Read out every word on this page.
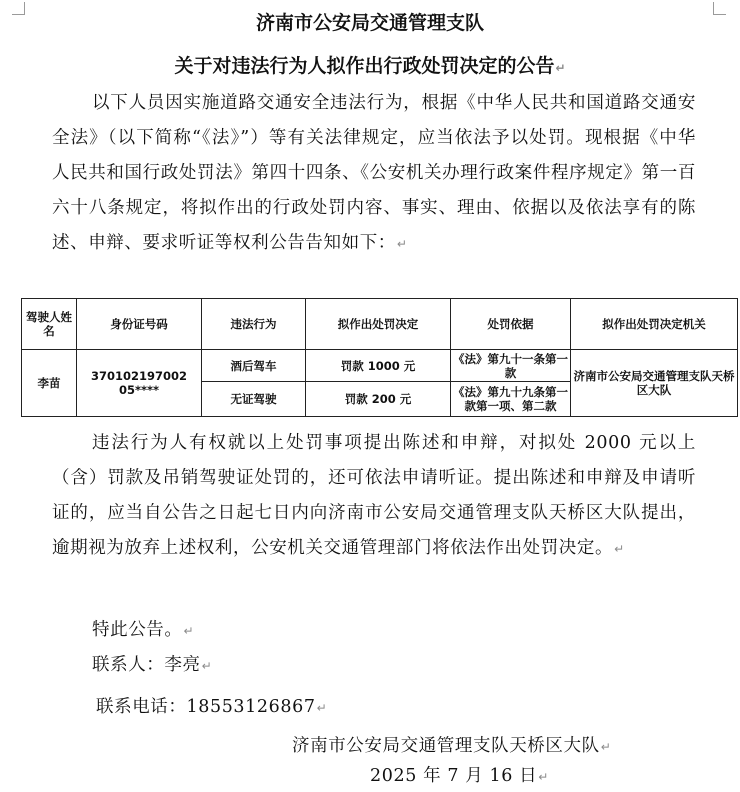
济南市公安局交通管理支队
关于对违法行为人拟作出行政处罚决定的公告↵

以下人员因实施道路交通安全违法行为，根据《中华人民共和国道路交通安全法》（以下简称“《法》”）等有关法律规定，应当依法予以处罚。现根据《中华人民共和国行政处罚法》第四十四条、《公安机关办理行政案件程序规定》第一百六十八条规定，将拟作出的行政处罚内容、事实、理由、依据以及依法享有的陈述、申辩、要求听证等权利公告告知如下：↵

驾驶人姓名	身份证号码	违法行为	拟作出处罚决定	处罚依据	拟作出处罚决定机关
李苗	370102197002 05****	酒后驾车	罚款 1000 元	《法》第九十一条第一款	济南市公安局交通管理支队天桥区大队
		无证驾驶	罚款 200 元	《法》第九十九条第一款第一项、第二款	

违法行为人有权就以上处罚事项提出陈述和申辩，对拟处 2000 元以上（含）罚款及吊销驾驶证处罚的，还可依法申请听证。提出陈述和申辩及申请听证的，应当自公告之日起七日内向济南市公安局交通管理支队天桥区大队提出，逾期视为放弃上述权利，公安机关交通管理部门将依法作出处罚决定。↵

特此公告。↵
联系人：李亮↵
联系电话：18553126867↵
济南市公安局交通管理支队天桥区大队↵
2025 年 7 月 16 日↵
